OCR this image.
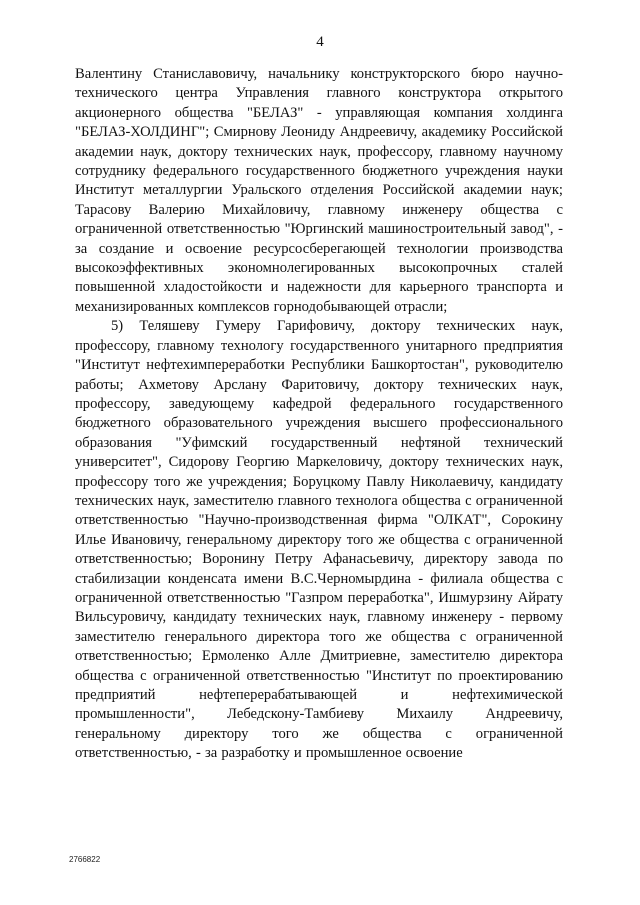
4

Валентину Станиславовичу, начальнику конструкторского бюро научно-технического центра Управления главного конструктора открытого акционерного общества "БЕЛАЗ" - управляющая компания холдинга "БЕЛАЗ-ХОЛДИНГ"; Смирнову Леониду Андреевичу, академику Российской академии наук, доктору технических наук, профессору, главному научному сотруднику федерального государственного бюджетного учреждения науки Институт металлургии Уральского отделения Российской академии наук; Тарасову Валерию Михайловичу, главному инженеру общества с ограниченной ответственностью "Юргинский машиностроительный завод", - за создание и освоение ресурсосберегающей технологии производства высокоэффективных экономнолегированных высокопрочных сталей повышенной хладостойкости и надежности для карьерного транспорта и механизированных комплексов горнодобывающей отрасли;

5) Теляшеву Гумеру Гарифовичу, доктору технических наук, профессору, главному технологу государственного унитарного предприятия "Институт нефтехимпереработки Республики Башкортостан", руководителю работы; Ахметову Арслану Фаритовичу, доктору технических наук, профессору, заведующему кафедрой федерального государственного бюджетного образовательного учреждения высшего профессионального образования "Уфимский государственный нефтяной технический университет", Сидорову Георгию Маркеловичу, доктору технических наук, профессору того же учреждения; Боруцкому Павлу Николаевичу, кандидату технических наук, заместителю главного технолога общества с ограниченной ответственностью "Научно-производственная фирма "ОЛКАТ", Сорокину Илье Ивановичу, генеральному директору того же общества с ограниченной ответственностью; Воронину Петру Афанасьевичу, директору завода по стабилизации конденсата имени В.С.Черномырдина - филиала общества с ограниченной ответственностью "Газпром переработка", Ишмурзину Айрату Вильсуровичу, кандидату технических наук, главному инженеру - первому заместителю генерального директора того же общества с ограниченной ответственностью; Ермоленко Алле Дмитриевне, заместителю директора общества с ограниченной ответственностью "Институт по проектированию предприятий нефтеперерабатывающей и нефтехимической промышленности", Лебедскону-Тамбиеву Михаилу Андреевичу, генеральному директору того же общества с ограниченной ответственностью, - за разработку и промышленное освоение

2766822
